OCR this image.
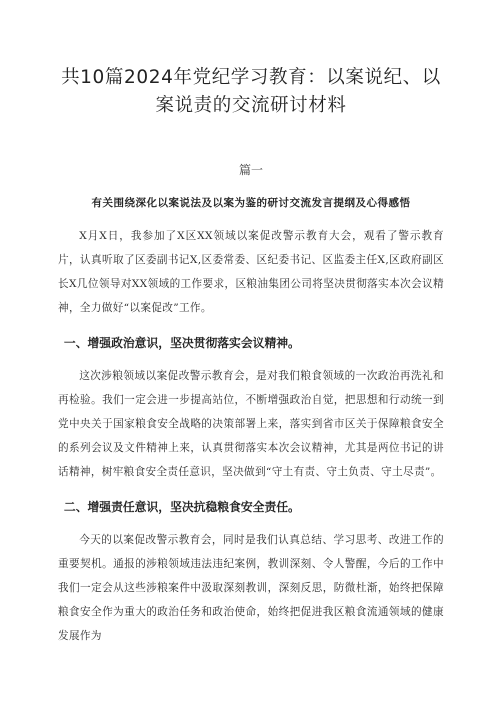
共10篇2024年党纪学习教育：以案说纪、以案说责的交流研讨材料
篇一
有关围绕深化以案说法及以案为鉴的研讨交流发言提纲及心得感悟

X月X日，我参加了X区XX领域以案促改警示教育大会，观看了警示教育片，认真听取了区委副书记X,区委常委、区纪委书记、区监委主任X,区政府副区长X几位领导对XX领域的工作要求，区粮油集团公司将坚决贯彻落实本次会议精神，全力做好“以案促改”工作。

一、增强政治意识，坚决贯彻落实会议精神。

这次涉粮领域以案促改警示教育会，是对我们粮食领域的一次政治再洗礼和再检验。我们一定会进一步提高站位，不断增强政治自觉，把思想和行动统一到党中央关于国家粮食安全战略的决策部署上来，落实到省市区关于保障粮食安全的系列会议及文件精神上来，认真贯彻落实本次会议精神，尤其是两位书记的讲话精神，树牢粮食安全责任意识，坚决做到“守土有责、守土负责、守土尽责”。

二、增强责任意识，坚决抗稳粮食安全责任。

今天的以案促改警示教育会，同时是我们认真总结、学习思考、改进工作的重要契机。通报的涉粮领域违法违纪案例，教训深刻、令人警醒，今后的工作中我们一定会从这些涉粮案件中汲取深刻教训，深刻反思，防微杜渐，始终把保障粮食安全作为重大的政治任务和政治使命，始终把促进我区粮食流通领域的健康发展作为
